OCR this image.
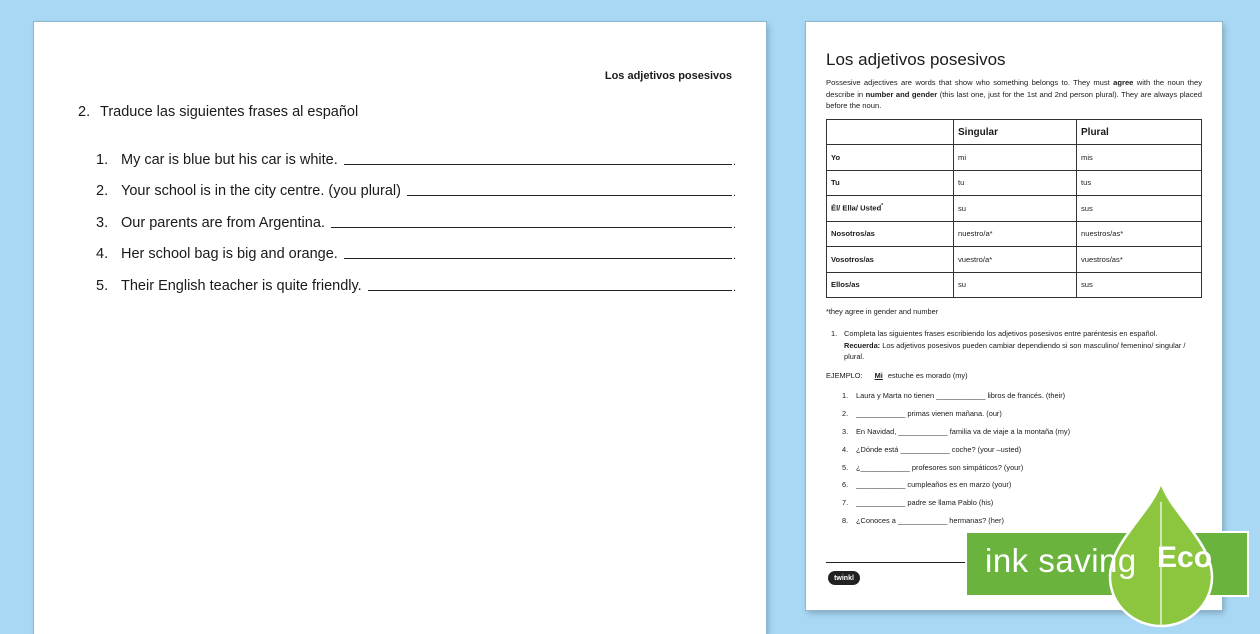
Los adjetivos posesivos
2. Traduce las siguientes frases al español
1. My car is blue but his car is white.
.
2. Your school is in the city centre. (you plural)
.
3. Our parents are from Argentina.
.
4. Her school bag is big and orange.
.
5. Their English teacher is quite friendly.
.
Los adjetivos posesivos
Possesive adjectives are words that show who something belongs to. They must agree with the noun they describe in number and gender (this last one, just for the 1st and 2nd person plural). They are always placed before the noun.
	Singular	Plural
Yo	mi	mis
Tu	tu	tus
Él/ Ella/ Usted*	su	sus
Nosotros/as	nuestro/a*	nuestros/as*
Vosotros/as	vuestro/a*	vuestros/as*
Ellos/as	su	sus
*they agree in gender and number
1. Completa las siguientes frases escribiendo los adjetivos posesivos entre paréntesis en español.
Recuerda: Los adjetivos posesivos pueden cambiar dependiendo si son masculino/ femenino/ singular / plural.
EJEMPLO: Mi estuche es morado (my)
1.	Laura y Marta no tienen ____________ libros de francés. (their)
2.	____________ primas vienen mañana. (our)
3.	En Navidad, ____________ familia va de viaje a la montaña (my)
4.	¿Dónde está ____________ coche? (your –usted)
5.	¿____________ profesores son simpáticos? (your)
6.	____________ cumpleaños es en marzo (your)
7.	____________ padre se llama Pablo (his)
8.	¿Conoces a ____________ hermanas? (her)
twinkl	ink saving Eco
